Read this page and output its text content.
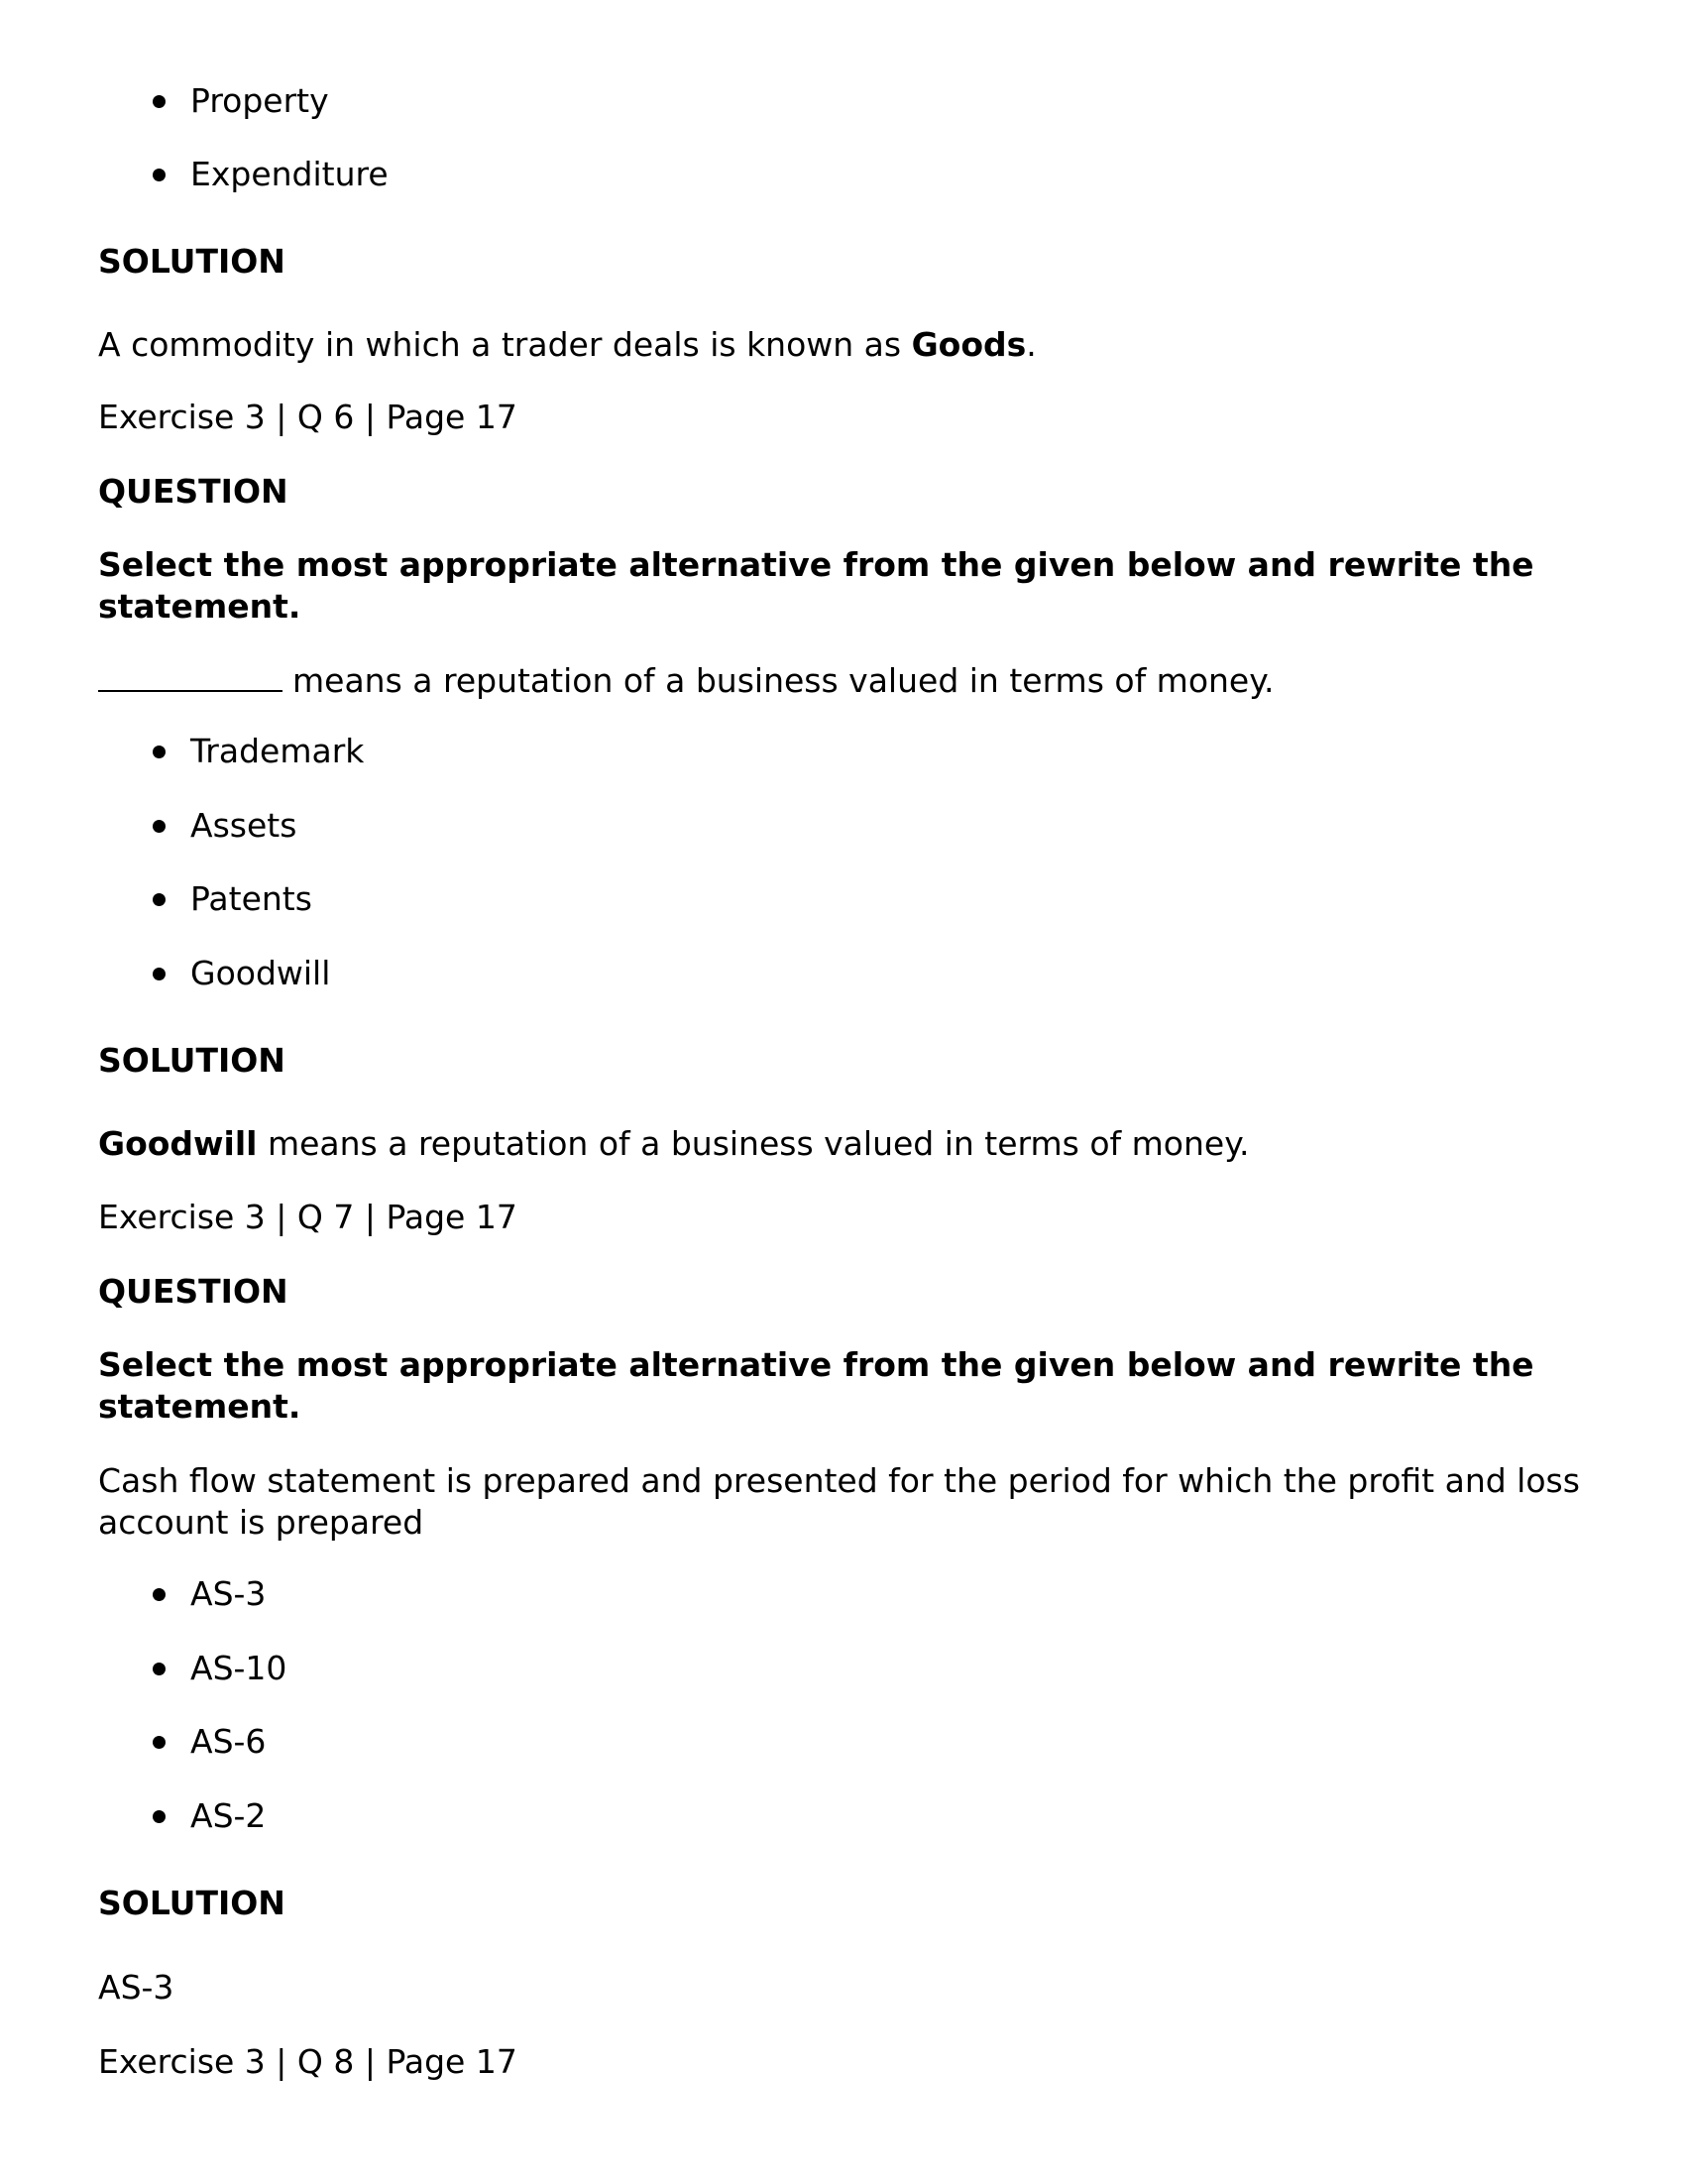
Property

Expenditure

SOLUTION

A commodity in which a trader deals is known as Goods.

Exercise 3 | Q 6 | Page 17

QUESTION

Select the most appropriate alternative from the given below and rewrite the statement.

means a reputation of a business valued in terms of money.

Trademark

Assets

Patents

Goodwill

SOLUTION

Goodwill means a reputation of a business valued in terms of money.

Exercise 3 | Q 7 | Page 17

QUESTION

Select the most appropriate alternative from the given below and rewrite the statement.

Cash flow statement is prepared and presented for the period for which the profit and loss account is prepared

AS-3

AS-10

AS-6

AS-2

SOLUTION

AS-3

Exercise 3 | Q 8 | Page 17
